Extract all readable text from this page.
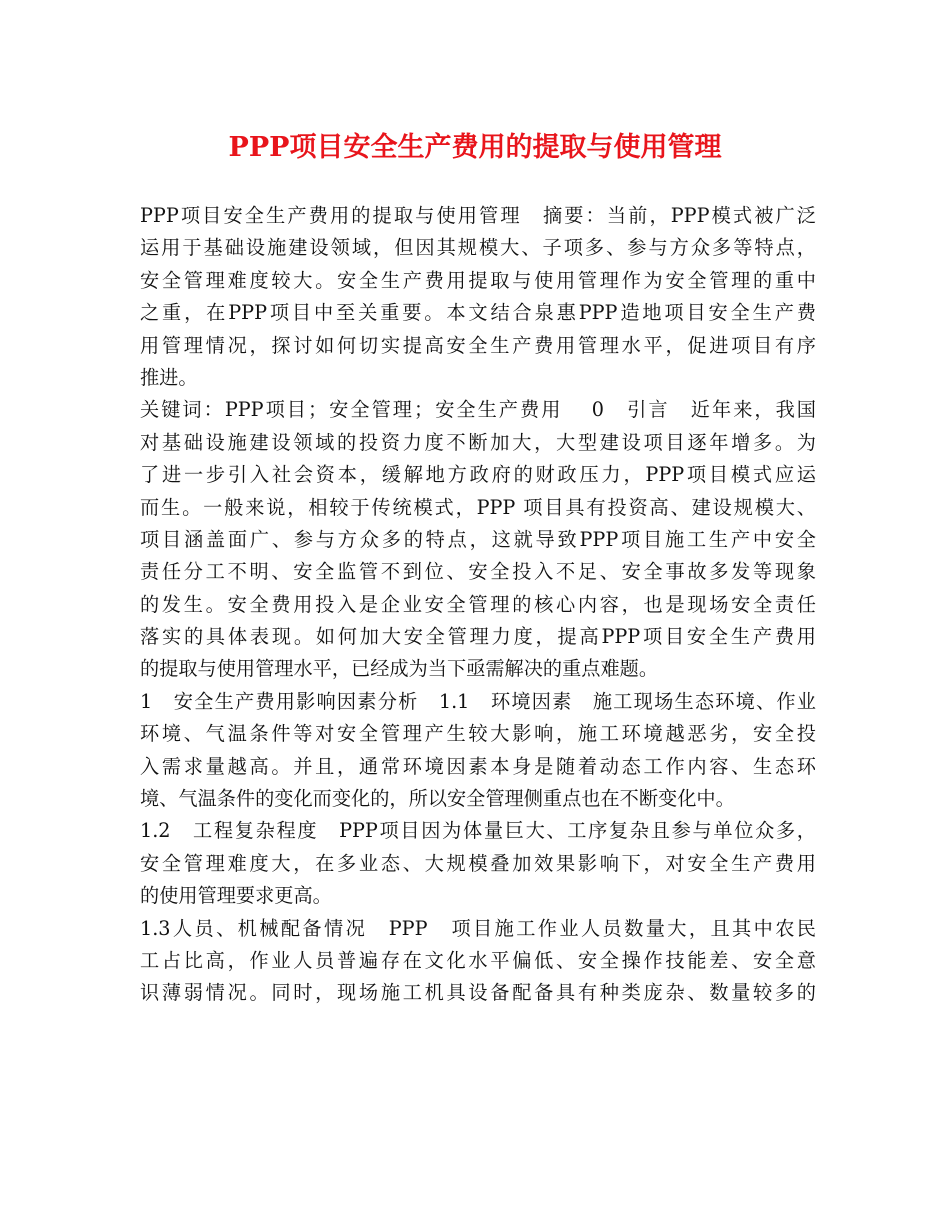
PPP项目安全生产费用的提取与使用管理
PPP项目安全生产费用的提取与使用管理　摘要：当前，PPP模式被广泛
运用于基础设施建设领域，但因其规模大、子项多、参与方众多等特点，
安全管理难度较大。安全生产费用提取与使用管理作为安全管理的重中
之重，在PPP项目中至关重要。本文结合泉惠PPP造地项目安全生产费
用管理情况，探讨如何切实提高安全生产费用管理水平，促进项目有序
推进。
关键词：PPP项目；安全管理；安全生产费用　 0　引言　近年来，我国
对基础设施建设领域的投资力度不断加大，大型建设项目逐年增多。为
了进一步引入社会资本，缓解地方政府的财政压力，PPP项目模式应运
而生。一般来说，相较于传统模式，PPP 项目具有投资高、建设规模大、
项目涵盖面广、参与方众多的特点，这就导致PPP项目施工生产中安全
责任分工不明、安全监管不到位、安全投入不足、安全事故多发等现象
的发生。安全费用投入是企业安全管理的核心内容，也是现场安全责任
落实的具体表现。如何加大安全管理力度，提高PPP项目安全生产费用
的提取与使用管理水平，已经成为当下亟需解决的重点难题。
1　安全生产费用影响因素分析　1.1　环境因素　施工现场生态环境、作业
环境、气温条件等对安全管理产生较大影响，施工环境越恶劣，安全投
入需求量越高。并且，通常环境因素本身是随着动态工作内容、生态环
境、气温条件的变化而变化的，所以安全管理侧重点也在不断变化中。
1.2　工程复杂程度　PPP项目因为体量巨大、工序复杂且参与单位众多，
安全管理难度大，在多业态、大规模叠加效果影响下，对安全生产费用
的使用管理要求更高。
1.3人员、机械配备情况　PPP　项目施工作业人员数量大，且其中农民
工占比高，作业人员普遍存在文化水平偏低、安全操作技能差、安全意
识薄弱情况。同时，现场施工机具设备配备具有种类庞杂、数量较多的
